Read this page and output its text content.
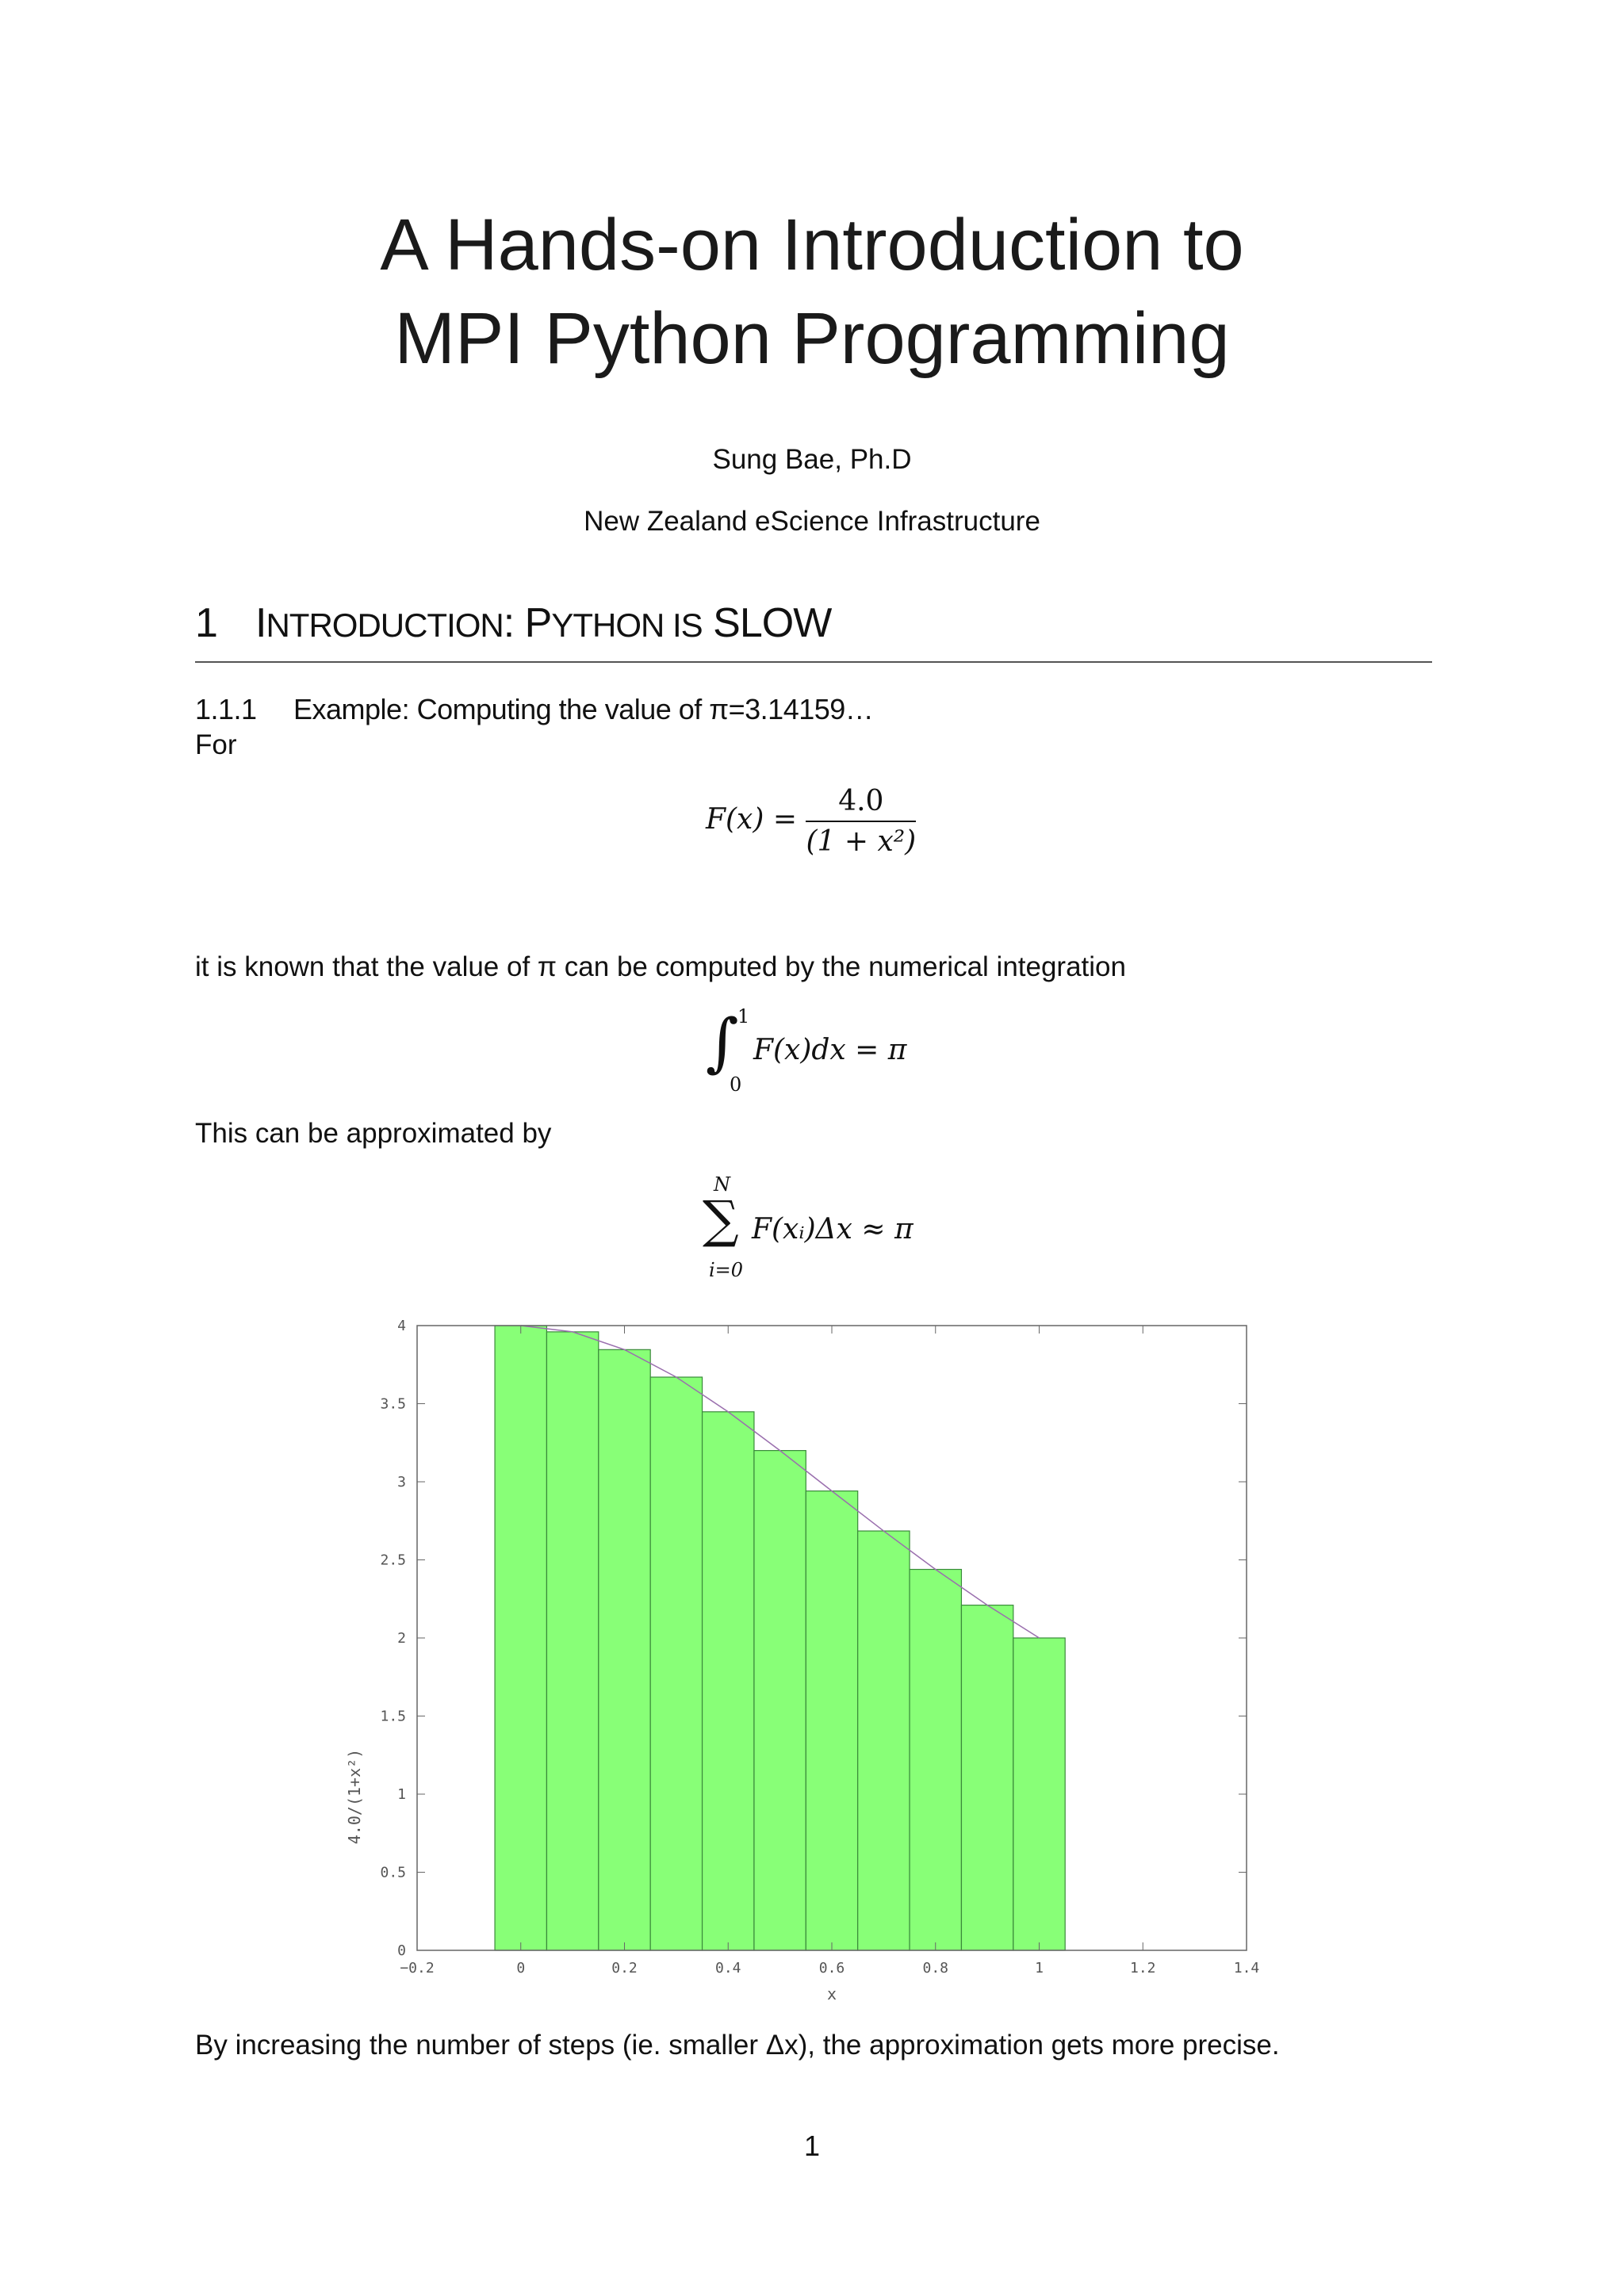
A Hands-on Introduction to
MPI Python Programming
Sung Bae, Ph.D
New Zealand eScience Infrastructure
1 INTRODUCTION: PYTHON IS SLOW
1.1.1 Example: Computing the value of π=3.14159…
For
$F(x) = \frac{4.0}{\text{(1 + x²)}}$
it is known that the value of π can be computed by the numerical integration
∫
1
0
F(x)dx = π
This can be approximated by
N
∑
i=0
F(xᵢ)Δx ≈ π
−0.2	0	0.2	0.4	0.6	0.8	1	1.2	1.4
0
0.5
1
1.5
2
2.5
3
3.5
4
x
4.0/(1+x²)
By increasing the number of steps (ie. smaller Δx), the approximation gets more precise.
1
